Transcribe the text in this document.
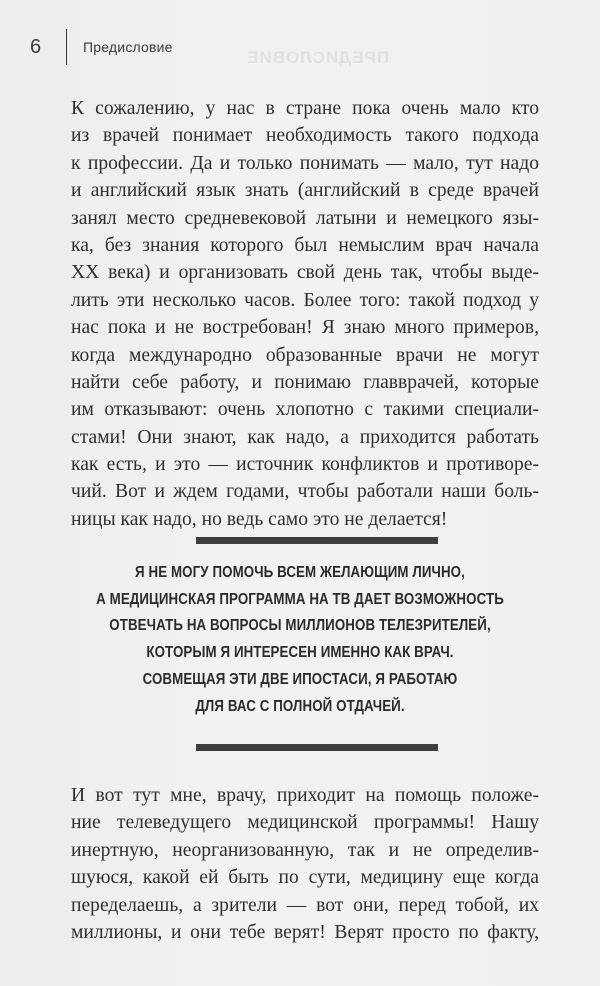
ПРЕДИСЛОВИЕ
6	Предисловие
К сожалению, у нас в стране пока очень мало кто
из врачей понимает необходимость такого подхода
к профессии. Да и только понимать — мало, тут надо
и английский язык знать (английский в среде врачей
занял место средневековой латыни и немецкого язы-
ка, без знания которого был немыслим врач начала
XX века) и организовать свой день так, чтобы выде-
лить эти несколько часов. Более того: такой подход у
нас пока и не востребован! Я знаю много примеров,
когда международно образованные врачи не могут
найти себе работу, и понимаю главврачей, которые
им отказывают: очень хлопотно с такими специали-
стами! Они знают, как надо, а приходится работать
как есть, и это — источник конфликтов и противоре-
чий. Вот и ждем годами, чтобы работали наши боль-
ницы как надо, но ведь само это не делается!
Я НЕ МОГУ ПОМОЧЬ ВСЕМ ЖЕЛАЮЩИМ ЛИЧНО,
А МЕДИЦИНСКАЯ ПРОГРАММА НА ТВ ДАЕТ ВОЗМОЖНОСТЬ
ОТВЕЧАТЬ НА ВОПРОСЫ МИЛЛИОНОВ ТЕЛЕЗРИТЕЛЕЙ,
КОТОРЫМ Я ИНТЕРЕСЕН ИМЕННО КАК ВРАЧ.
СОВМЕЩАЯ ЭТИ ДВЕ ИПОСТАСИ, Я РАБОТАЮ
ДЛЯ ВАС С ПОЛНОЙ ОТДАЧЕЙ.
И вот тут мне, врачу, приходит на помощь положе-
ние телеведущего медицинской программы! Нашу
инертную, неорганизованную, так и не определив-
шуюся, какой ей быть по сути, медицину еще когда
переделаешь, а зрители — вот они, перед тобой, их
миллионы, и они тебе верят! Верят просто по факту,
